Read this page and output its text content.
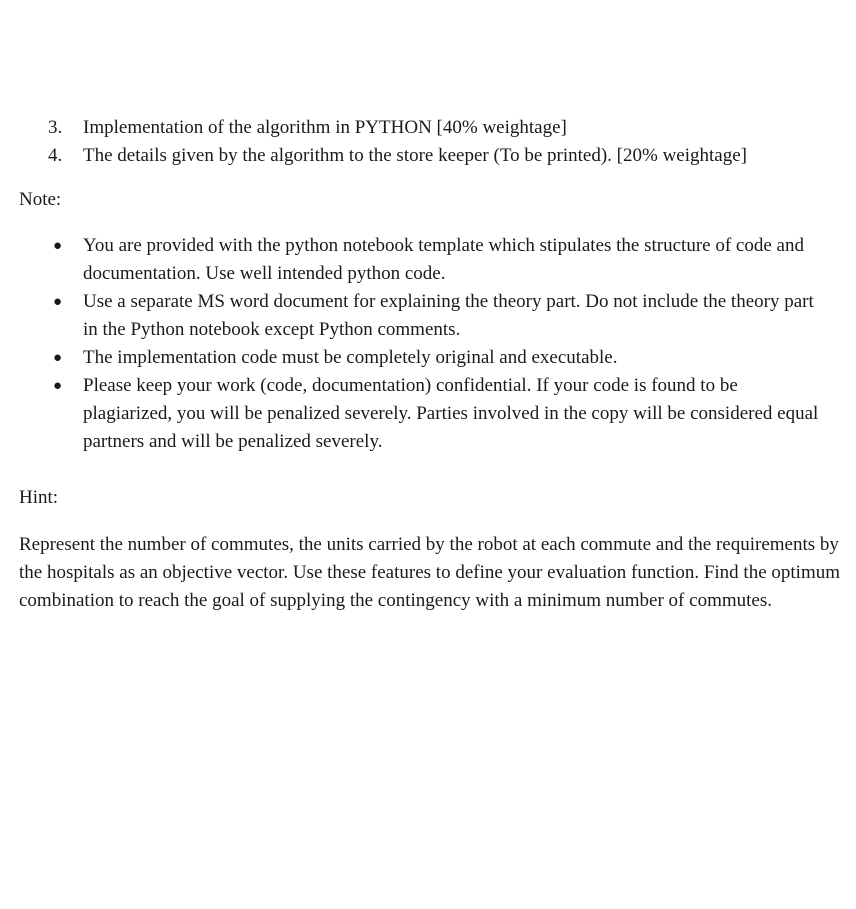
3.	Implementation of the algorithm in PYTHON [40% weightage]
4.	The details given by the algorithm to the store keeper (To be printed). [20% weightage]
Note:
● You are provided with the python notebook template which stipulates the structure of code and documentation. Use well intended python code.
● Use a separate MS word document for explaining the theory part. Do not include the theory part in the Python notebook except Python comments.
● The implementation code must be completely original and executable.
● Please keep your work (code, documentation) confidential. If your code is found to be plagiarized, you will be penalized severely. Parties involved in the copy will be considered equal partners and will be penalized severely.
Hint:
Represent the number of commutes, the units carried by the robot at each commute and the requirements by the hospitals as an objective vector. Use these features to define your evaluation function. Find the optimum combination to reach the goal of supplying the contingency with a minimum number of commutes.
